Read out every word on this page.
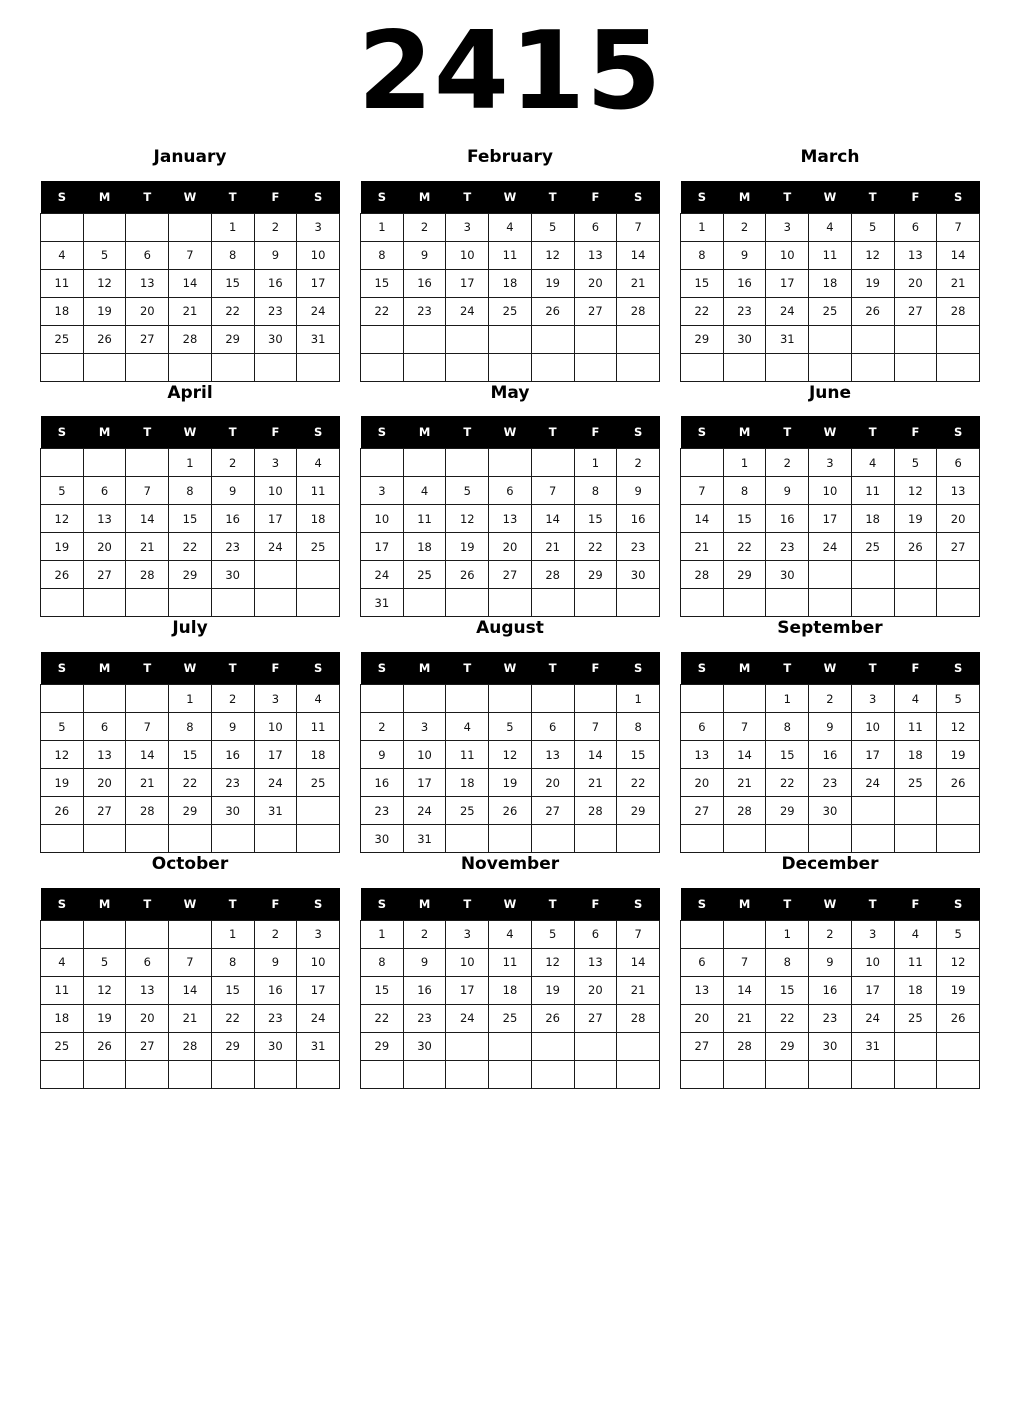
2415
January
S	M	T	W	T	F	S
				1	2	3
4	5	6	7	8	9	10
11	12	13	14	15	16	17
18	19	20	21	22	23	24
25	26	27	28	29	30	31

February
S	M	T	W	T	F	S
1	2	3	4	5	6	7
8	9	10	11	12	13	14
15	16	17	18	19	20	21
22	23	24	25	26	27	28

March
S	M	T	W	T	F	S
1	2	3	4	5	6	7
8	9	10	11	12	13	14
15	16	17	18	19	20	21
22	23	24	25	26	27	28
29	30	31				

April
S	M	T	W	T	F	S
			1	2	3	4
5	6	7	8	9	10	11
12	13	14	15	16	17	18
19	20	21	22	23	24	25
26	27	28	29	30		

May
S	M	T	W	T	F	S
					1	2
3	4	5	6	7	8	9
10	11	12	13	14	15	16
17	18	19	20	21	22	23
24	25	26	27	28	29	30
31						
June
S	M	T	W	T	F	S
	1	2	3	4	5	6
7	8	9	10	11	12	13
14	15	16	17	18	19	20
21	22	23	24	25	26	27
28	29	30				

July
S	M	T	W	T	F	S
			1	2	3	4
5	6	7	8	9	10	11
12	13	14	15	16	17	18
19	20	21	22	23	24	25
26	27	28	29	30	31	

August
S	M	T	W	T	F	S
						1
2	3	4	5	6	7	8
9	10	11	12	13	14	15
16	17	18	19	20	21	22
23	24	25	26	27	28	29
30	31					
September
S	M	T	W	T	F	S
		1	2	3	4	5
6	7	8	9	10	11	12
13	14	15	16	17	18	19
20	21	22	23	24	25	26
27	28	29	30			

October
S	M	T	W	T	F	S
				1	2	3
4	5	6	7	8	9	10
11	12	13	14	15	16	17
18	19	20	21	22	23	24
25	26	27	28	29	30	31

November
S	M	T	W	T	F	S
1	2	3	4	5	6	7
8	9	10	11	12	13	14
15	16	17	18	19	20	21
22	23	24	25	26	27	28
29	30					

December
S	M	T	W	T	F	S
		1	2	3	4	5
6	7	8	9	10	11	12
13	14	15	16	17	18	19
20	21	22	23	24	25	26
27	28	29	30	31		
